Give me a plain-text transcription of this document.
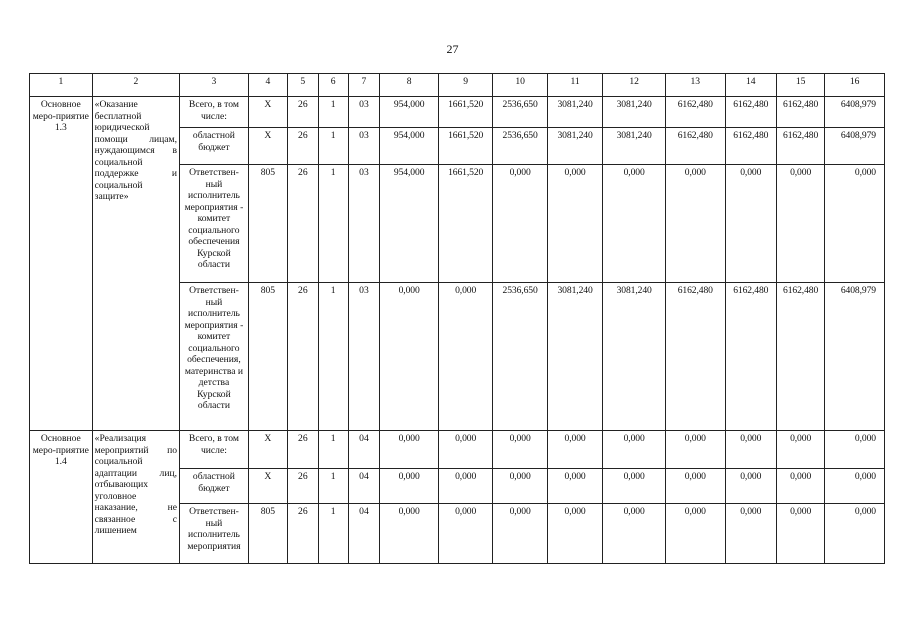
27
1	2	3	4	5	6	7	8	9	10	11	12	13	14	15	16
Основное меро-приятие 1.3	«Оказание бесплатной юридической помощи лицам, нуждающимся в социальной поддержке и социальной защите»	Всего, в том числе:	Х	26	1	03	954,000	1661,520	2536,650	3081,240	3081,240	6162,480	6162,480	6162,480	6408,979
		областной бюджет	Х	26	1	03	954,000	1661,520	2536,650	3081,240	3081,240	6162,480	6162,480	6162,480	6408,979
		Ответствен-ный исполнитель мероприятия - комитет социального обеспечения Курской области	805	26	1	03	954,000	1661,520	0,000	0,000	0,000	0,000	0,000	0,000	0,000
		Ответствен-ный исполнитель мероприятия - комитет социального обеспечения, материнства и детства Курской области	805	26	1	03	0,000	0,000	2536,650	3081,240	3081,240	6162,480	6162,480	6162,480	6408,979
Основное меро-приятие 1.4	«Реализация мероприятий по социальной адаптации лиц, отбывающих уголовное наказание, не связанное с лишением	Всего, в том числе:	Х	26	1	04	0,000	0,000	0,000	0,000	0,000	0,000	0,000	0,000	0,000
		областной бюджет	Х	26	1	04	0,000	0,000	0,000	0,000	0,000	0,000	0,000	0,000	0,000
		Ответствен-ный исполнитель мероприятия	805	26	1	04	0,000	0,000	0,000	0,000	0,000	0,000	0,000	0,000	0,000
